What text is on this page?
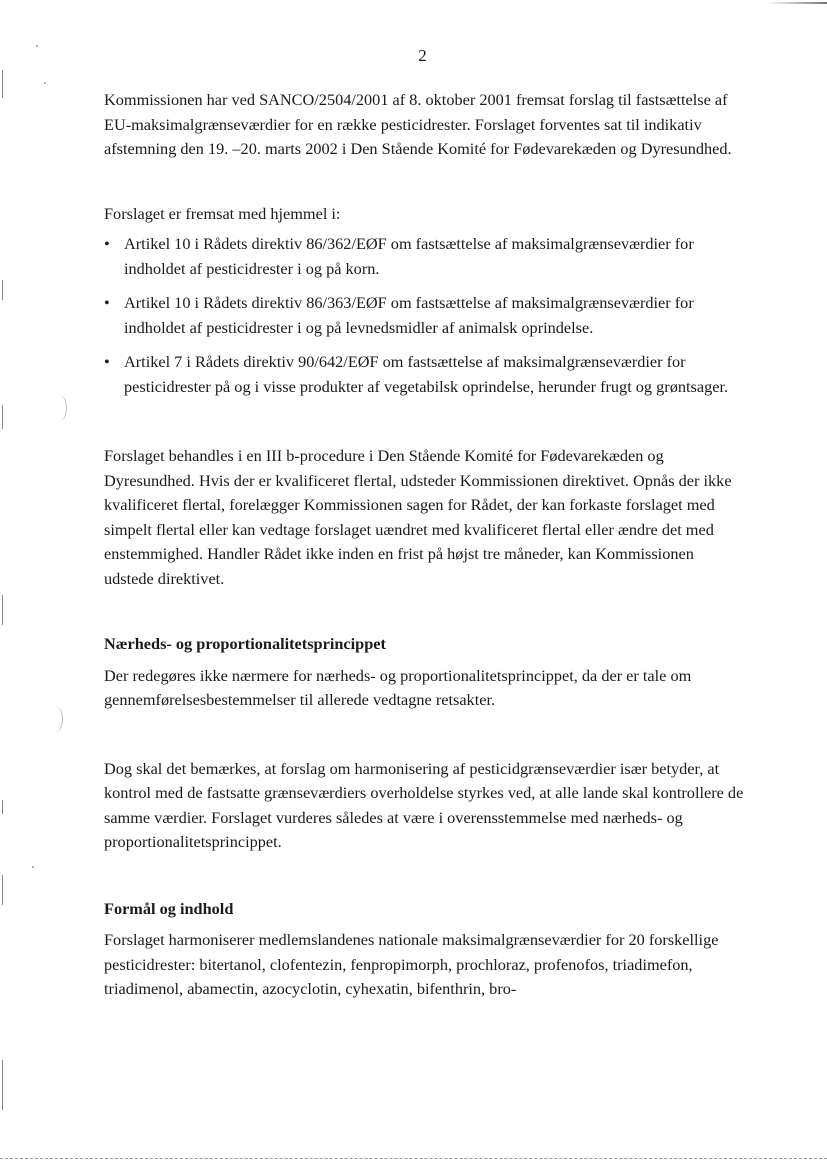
2

Kommissionen har ved SANCO/2504/2001 af 8. oktober 2001 fremsat forslag til fastsættelse af EU-maksimalgrænseværdier for en række pesticidrester. Forslaget forventes sat til indikativ afstemning den 19. –20. marts 2002 i Den Stående Komité for Fødevarekæden og Dyresundhed.

Forslaget er fremsat med hjemmel i:

• Artikel 10 i Rådets direktiv 86/362/EØF om fastsættelse af maksimalgrænseværdier for indholdet af pesticidrester i og på korn.
• Artikel 10 i Rådets direktiv 86/363/EØF om fastsættelse af maksimalgrænseværdier for indholdet af pesticidrester i og på levnedsmidler af animalsk oprindelse.
• Artikel 7 i Rådets direktiv 90/642/EØF om fastsættelse af maksimalgrænseværdier for pesticidrester på og i visse produkter af vegetabilsk oprindelse, herunder frugt og grøntsager.

Forslaget behandles i en III b-procedure i Den Stående Komité for Fødevarekæden og Dyresundhed. Hvis der er kvalificeret flertal, udsteder Kommissionen direktivet. Opnås der ikke kvalificeret flertal, forelægger Kommissionen sagen for Rådet, der kan forkaste forslaget med simpelt flertal eller kan vedtage forslaget uændret med kvalificeret flertal eller ændre det med enstemmighed. Handler Rådet ikke inden en frist på højst tre måneder, kan Kommissionen udstede direktivet.

Nærheds- og proportionalitetsprincippet

Der redegøres ikke nærmere for nærheds- og proportionalitetsprincippet, da der er tale om gennemførelsesbestemmelser til allerede vedtagne retsakter.

Dog skal det bemærkes, at forslag om harmonisering af pesticidgrænseværdier især betyder, at kontrol med de fastsatte grænseværdiers overholdelse styrkes ved, at alle lande skal kontrollere de samme værdier. Forslaget vurderes således at være i overensstemmelse med nærheds- og proportionalitetsprincippet.

Formål og indhold

Forslaget harmoniserer medlemslandenes nationale maksimalgrænseværdier for 20 forskellige pesticidrester: bitertanol, clofentezin, fenpropimorph, prochloraz, profenofos, triadimefon, triadimenol, abamectin, azocyclotin, cyhexatin, bifenthrin, bro-
